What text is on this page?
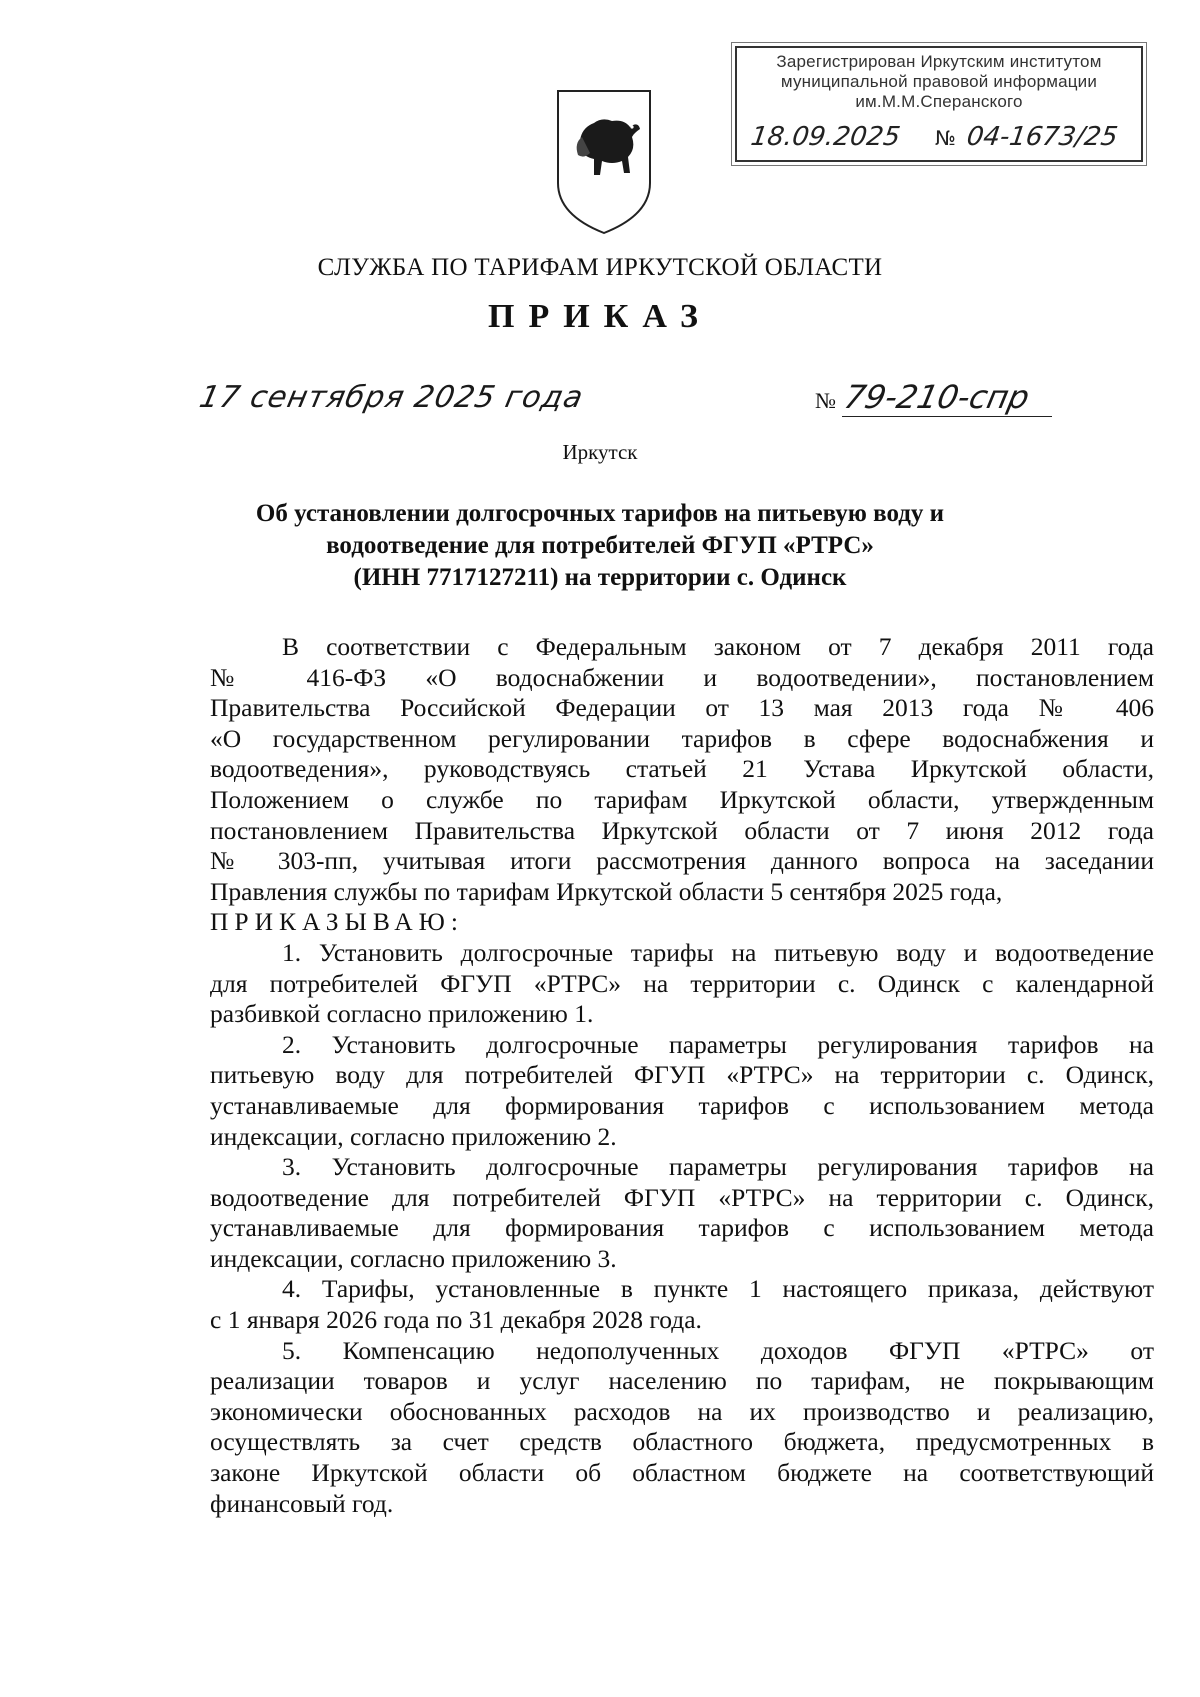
Зарегистрирован Иркутским институтом
муниципальной правовой информации
им.М.М.Сперанского
18.09.2025 № 04-1673/25
СЛУЖБА ПО ТАРИФАМ ИРКУТСКОЙ ОБЛАСТИ
ПРИКАЗ
17 сентября 2025 года	№ 79-210-спр
Иркутск
Об установлении долгосрочных тарифов на питьевую воду и
водоотведение для потребителей ФГУП «РТРС»
(ИНН 7717127211) на территории с. Одинск
В соответствии с Федеральным законом от 7 декабря 2011 года
№ 416-ФЗ «О водоснабжении и водоотведении», постановлением
Правительства Российской Федерации от 13 мая 2013 года № 406
«О государственном регулировании тарифов в сфере водоснабжения и
водоотведения», руководствуясь статьей 21 Устава Иркутской области,
Положением о службе по тарифам Иркутской области, утвержденным
постановлением Правительства Иркутской области от 7 июня 2012 года
№ 303-пп, учитывая итоги рассмотрения данного вопроса на заседании
Правления службы по тарифам Иркутской области 5 сентября 2025 года,
ПРИКАЗЫВАЮ:
1. Установить долгосрочные тарифы на питьевую воду и водоотведение
для потребителей ФГУП «РТРС» на территории с. Одинск с календарной
разбивкой согласно приложению 1.
2. Установить долгосрочные параметры регулирования тарифов на
питьевую воду для потребителей ФГУП «РТРС» на территории с. Одинск,
устанавливаемые для формирования тарифов с использованием метода
индексации, согласно приложению 2.
3. Установить долгосрочные параметры регулирования тарифов на
водоотведение для потребителей ФГУП «РТРС» на территории с. Одинск,
устанавливаемые для формирования тарифов с использованием метода
индексации, согласно приложению 3.
4. Тарифы, установленные в пункте 1 настоящего приказа, действуют
с 1 января 2026 года по 31 декабря 2028 года.
5. Компенсацию недополученных доходов ФГУП «РТРС» от
реализации товаров и услуг населению по тарифам, не покрывающим
экономически обоснованных расходов на их производство и реализацию,
осуществлять за счет средств областного бюджета, предусмотренных в
законе Иркутской области об областном бюджете на соответствующий
финансовый год.
